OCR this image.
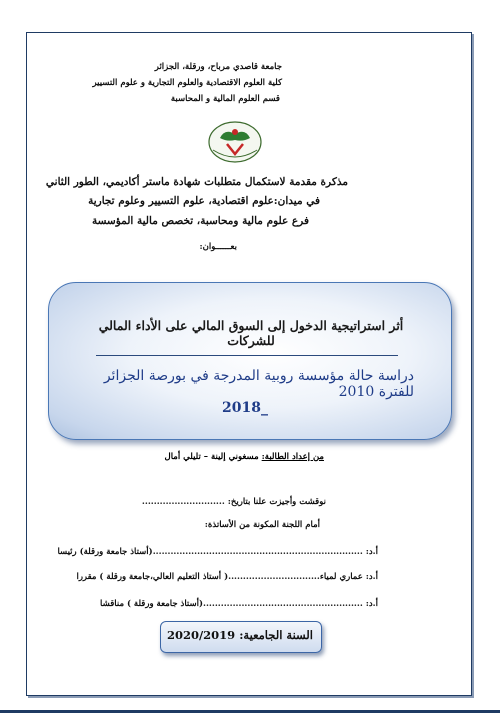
جامعة قاصدي مرباح، ورقلة، الجزائر
كلية العلوم الاقتصادية والعلوم التجارية و علوم التسيير
قسم العلوم المالية و المحاسبة
مذكرة مقدمة لاستكمال متطلبات شهادة ماستر أكاديمي، الطور الثاني
في ميدان:علوم اقتصادية، علوم التسيير وعلوم تجارية
فرع علوم مالية ومحاسبة، تخصص مالية المؤسسة
بعــــــوان:
أثر استراتيجية الدخول إلى السوق المالي على الأداء المالي للشركات
دراسة حالة مؤسسة روبية المدرجة في بورصة الجزائر للفترة 2010
2018_
من إعداد الطالبة: مسغوني إلينة – تليلي أمال
نوقشت وأجيزت علنا بتاريخ: ............................
أمام اللجنة المكونة من الأساتذة:
أ.د: .......................................................................(أستاذ جامعة ورقلة) رئيسا
أ.د: عماري لمياء...............................( أستاذ التعليم العالي،جامعة ورقلة ) مقررا
أ.د: ......................................................(أستاذ جامعة ورقلة ) مناقشا
السنة الجامعية: 2020/2019
